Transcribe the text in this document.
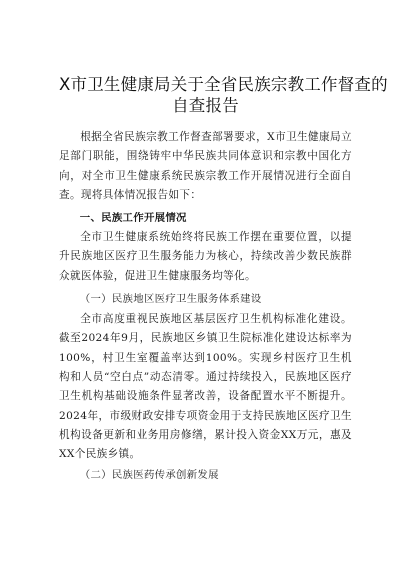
X市卫生健康局关于全省民族宗教工作督查的
自查报告

根据全省民族宗教工作督查部署要求，X市卫生健康局立足部门职能，围绕铸牢中华民族共同体意识和宗教中国化方向，对全市卫生健康系统民族宗教工作开展情况进行全面自查。现将具体情况报告如下：

一、民族工作开展情况

全市卫生健康系统始终将民族工作摆在重要位置，以提升民族地区医疗卫生服务能力为核心，持续改善少数民族群众就医体验，促进卫生健康服务均等化。

（一）民族地区医疗卫生服务体系建设

全市高度重视民族地区基层医疗卫生机构标准化建设。截至2024年9月，民族地区乡镇卫生院标准化建设达标率为100%，村卫生室覆盖率达到100%。实现乡村医疗卫生机构和人员“空白点”动态清零。通过持续投入，民族地区医疗卫生机构基础设施条件显著改善，设备配置水平不断提升。2024年，市级财政安排专项资金用于支持民族地区医疗卫生机构设备更新和业务用房修缮，累计投入资金XX万元，惠及XX个民族乡镇。

（二）民族医药传承创新发展
